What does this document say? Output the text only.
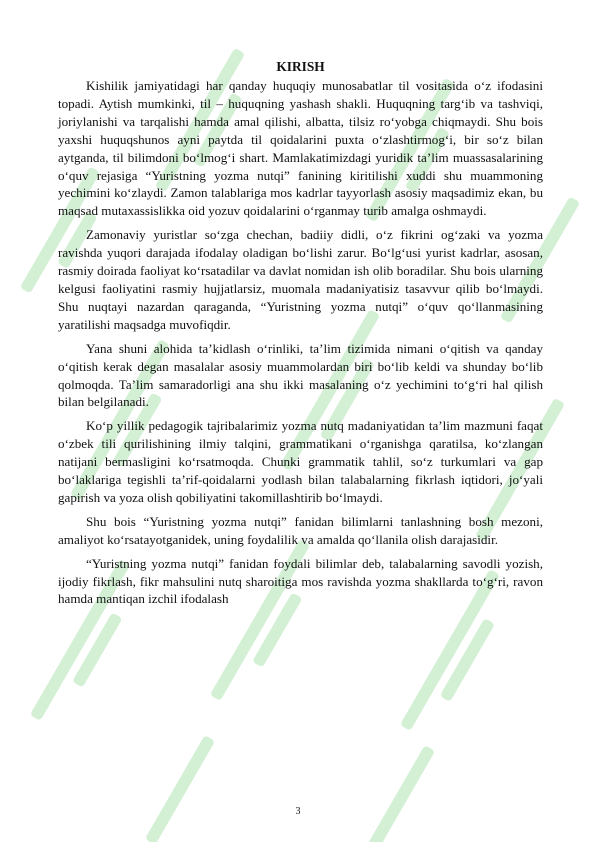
KIRISH

Kishilik jamiyatidagi har qanday huquqiy munosabatlar til vositasida o‘z ifodasini topadi. Aytish mumkinki, til – huquqning yashash shakli. Huquqning targ‘ib va tashviqi, joriylanishi va tarqalishi hamda amal qilishi, albatta, tilsiz ro‘yobga chiqmaydi. Shu bois yaxshi huquqshunos ayni paytda til qoidalarini puxta o‘zlashtirmog‘i, bir so‘z bilan aytganda, til bilimdoni bo‘lmog‘i shart. Mamlakatimizdagi yuridik ta’lim muassasalarining o‘quv rejasiga “Yuristning yozma nutqi” fanining kiritilishi xuddi shu muammoning yechimini ko‘zlaydi. Zamon talablariga mos kadrlar tayyorlash asosiy maqsadimiz ekan, bu maqsad mutaxassislikka oid yozuv qoidalarini o‘rganmay turib amalga oshmaydi.

Zamonaviy yuristlar so‘zga chechan, badiiy didli, o‘z fikrini og‘zaki va yozma ravishda yuqori darajada ifodalay oladigan bo‘lishi zarur. Bo‘lg‘usi yurist kadrlar, asosan, rasmiy doirada faoliyat ko‘rsatadilar va davlat nomidan ish olib boradilar. Shu bois ularning kelgusi faoliyatini rasmiy hujjatlarsiz, muomala madaniyatisiz tasavvur qilib bo‘lmaydi. Shu nuqtayi nazardan qaraganda, “Yuristning yozma nutqi” o‘quv qo‘llanmasining yaratilishi maqsadga muvofiqdir.

Yana shuni alohida ta’kidlash o‘rinliki, ta’lim tizimida nimani o‘qitish va qanday o‘qitish kerak degan masalalar asosiy muammolardan biri bo‘lib keldi va shunday bo‘lib qolmoqda. Ta’lim samaradorligi ana shu ikki masalaning o‘z yechimini to‘g‘ri hal qilish bilan belgilanadi.

Ko‘p yillik pedagogik tajribalarimiz yozma nutq madaniyatidan ta’lim mazmuni faqat o‘zbek tili qurilishining ilmiy talqini, grammatikani o‘rganishga qaratilsa, ko‘zlangan natijani bermasligini ko‘rsatmoqda. Chunki grammatik tahlil, so‘z turkumlari va gap bo‘laklariga tegishli ta’rif-qoidalarni yodlash bilan talabalarning fikrlash iqtidori, jo‘yali gapirish va yoza olish qobiliyatini takomillashtirib bo‘lmaydi.

Shu bois “Yuristning yozma nutqi” fanidan bilimlarni tanlashning bosh mezoni, amaliyot ko‘rsatayotganidek, uning foydalilik va amalda qo‘llanila olish darajasidir.

“Yuristning yozma nutqi” fanidan foydali bilimlar deb, talabalarning savodli yozish, ijodiy fikrlash, fikr mahsulini nutq sharoitiga mos ravishda yozma shakllarda to‘g‘ri, ravon hamda mantiqan izchil ifodalash

3
